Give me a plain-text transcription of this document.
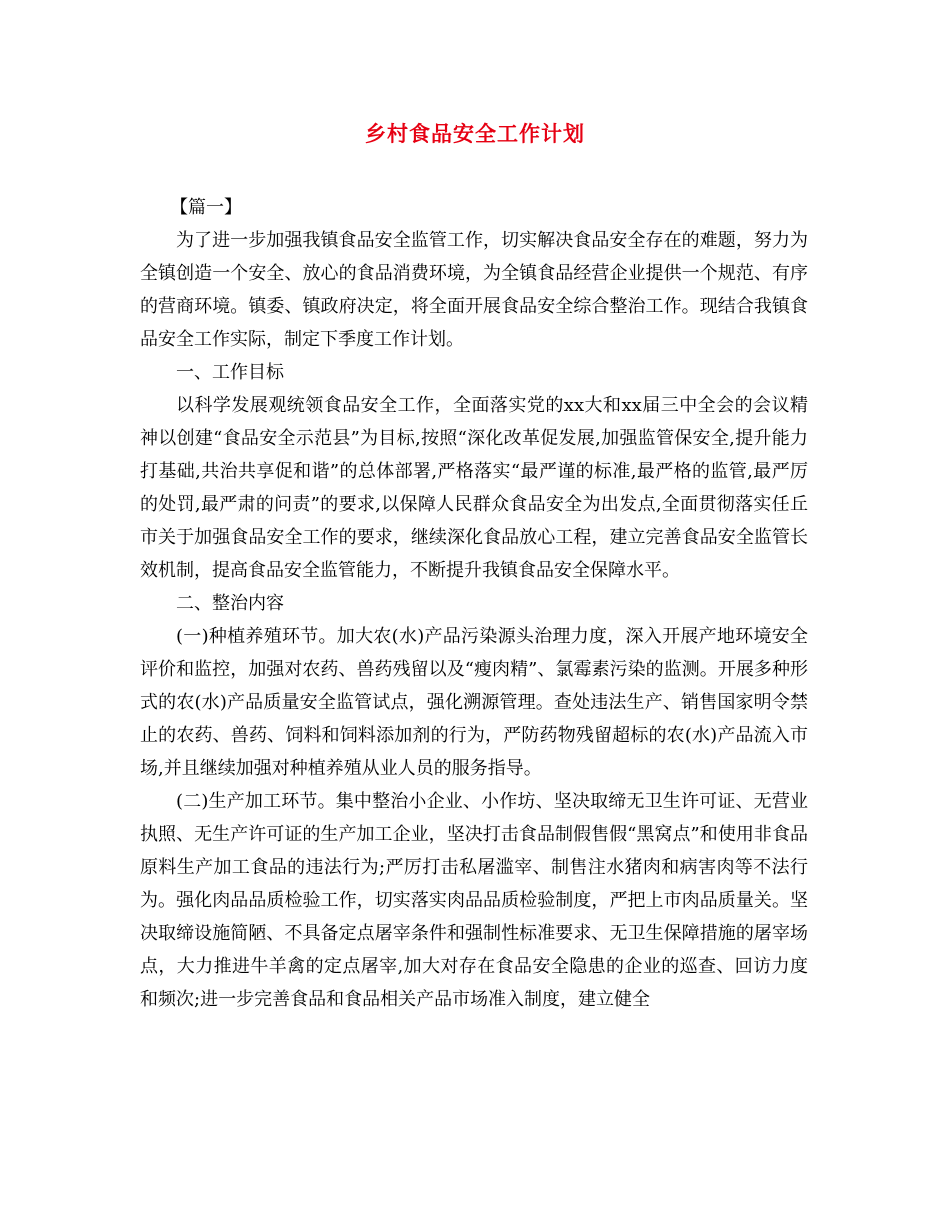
乡村食品安全工作计划

【篇一】

为了进一步加强我镇食品安全监管工作，切实解决食品安全存在的难题，努力为全镇创造一个安全、放心的食品消费环境，为全镇食品经营企业提供一个规范、有序的营商环境。镇委、镇政府决定，将全面开展食品安全综合整治工作。现结合我镇食品安全工作实际，制定下季度工作计划。

一、工作目标

以科学发展观统领食品安全工作，全面落实党的xx大和xx届三中全会的会议精神以创建“食品安全示范县”为目标,按照“深化改革促发展,加强监管保安全,提升能力打基础,共治共享促和谐”的总体部署,严格落实“最严谨的标准,最严格的监管,最严厉的处罚,最严肃的问责”的要求,以保障人民群众食品安全为出发点,全面贯彻落实任丘市关于加强食品安全工作的要求，继续深化食品放心工程，建立完善食品安全监管长效机制，提高食品安全监管能力，不断提升我镇食品安全保障水平。

二、整治内容

(一)种植养殖环节。加大农(水)产品污染源头治理力度，深入开展产地环境安全评价和监控，加强对农药、兽药残留以及“瘦肉精”、氯霉素污染的监测。开展多种形式的农(水)产品质量安全监管试点，强化溯源管理。查处违法生产、销售国家明令禁止的农药、兽药、饲料和饲料添加剂的行为，严防药物残留超标的农(水)产品流入市场,并且继续加强对种植养殖从业人员的服务指导。

(二)生产加工环节。集中整治小企业、小作坊、坚决取缔无卫生许可证、无营业执照、无生产许可证的生产加工企业，坚决打击食品制假售假“黑窝点”和使用非食品原料生产加工食品的违法行为;严厉打击私屠滥宰、制售注水猪肉和病害肉等不法行为。强化肉品品质检验工作，切实落实肉品品质检验制度，严把上市肉品质量关。坚决取缔设施简陋、不具备定点屠宰条件和强制性标准要求、无卫生保障措施的屠宰场点，大力推进牛羊禽的定点屠宰,加大对存在食品安全隐患的企业的巡查、回访力度和频次;进一步完善食品和食品相关产品市场准入制度，建立健全
